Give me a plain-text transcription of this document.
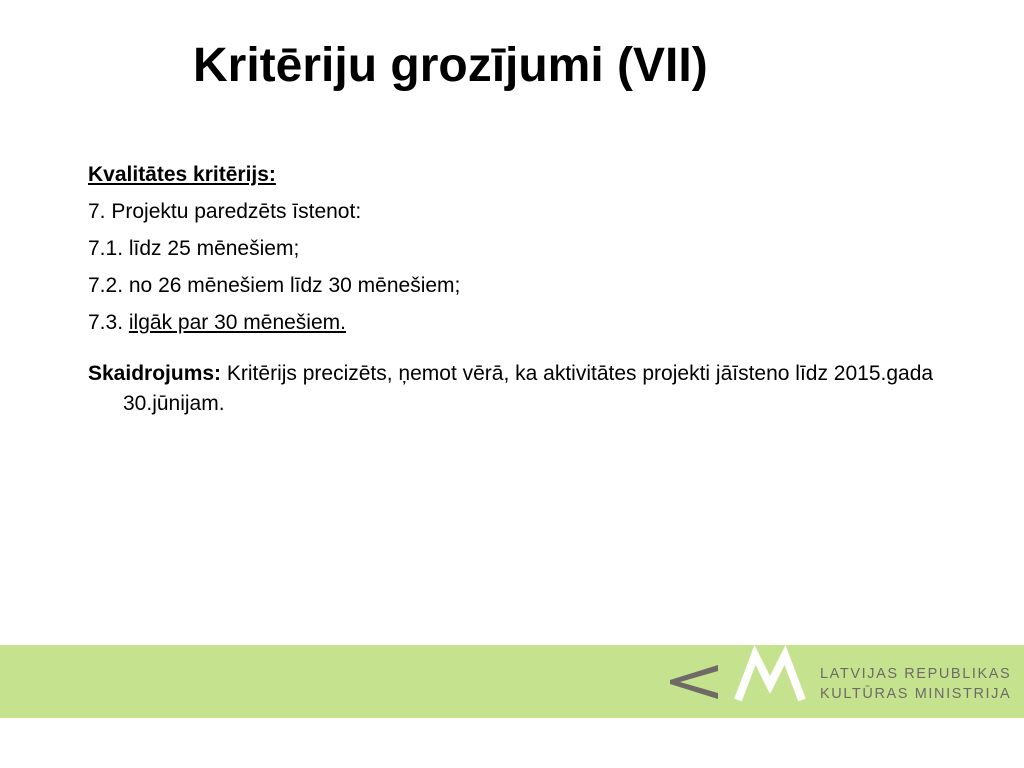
Kritēriju grozījumi (VII)

Kvalitātes kritērijs:

7. Projektu paredzēts īstenot:

7.1. līdz 25 mēnešiem;

7.2. no 26 mēnešiem līdz 30 mēnešiem;

7.3. ilgāk par 30 mēnešiem.

Skaidrojums: Kritērijs precizēts, ņemot vērā, ka aktivitātes projekti jāīsteno līdz 2015.gada 30.jūnijam.

LATVIJAS REPUBLIKAS
KULTŪRAS MINISTRIJA
